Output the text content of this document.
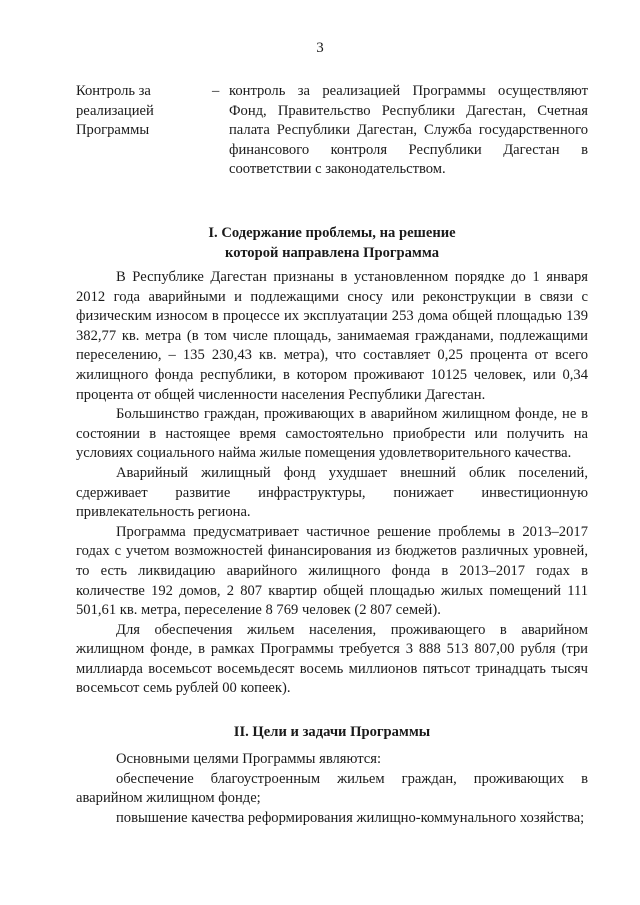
3
Контроль за реализацией Программы
– контроль за реализацией Программы осуществляют Фонд, Правительство Республики Дагестан, Счетная палата Республики Дагестан, Служба государственного финансового контроля Республики Дагестан в соответствии с законодательством.
I. Содержание проблемы, на решение
которой направлена Программа

В Республике Дагестан признаны в установленном порядке до 1 января 2012 года аварийными и подлежащими сносу или реконструкции в связи с физическим износом в процессе их эксплуатации 253 дома общей площадью 139 382,77 кв. метра (в том числе площадь, занимаемая гражданами, подлежащими переселению, – 135 230,43 кв. метра), что составляет 0,25 процента от всего жилищного фонда республики, в котором проживают 10125 человек, или 0,34 процента от общей численности населения Республики Дагестан.

Большинство граждан, проживающих в аварийном жилищном фонде, не в состоянии в настоящее время самостоятельно приобрести или получить на условиях социального найма жилые помещения удовлетворительного качества.

Аварийный жилищный фонд ухудшает внешний облик поселений, сдерживает развитие инфраструктуры, понижает инвестиционную привлекательность региона.

Программа предусматривает частичное решение проблемы в 2013–2017 годах с учетом возможностей финансирования из бюджетов различных уровней, то есть ликвидацию аварийного жилищного фонда в 2013–2017 годах в количестве 192 домов, 2 807 квартир общей площадью жилых помещений 111 501,61 кв. метра, переселение 8 769 человек (2 807 семей).

Для обеспечения жильем населения, проживающего в аварийном жилищном фонде, в рамках Программы требуется 3 888 513 807,00 рубля (три миллиарда восемьсот восемьдесят восемь миллионов пятьсот тринадцать тысяч восемьсот семь рублей 00 копеек).

II. Цели и задачи Программы

Основными целями Программы являются:

обеспечение благоустроенным жильем граждан, проживающих в аварийном жилищном фонде;

повышение качества реформирования жилищно-коммунального хозяйства;
